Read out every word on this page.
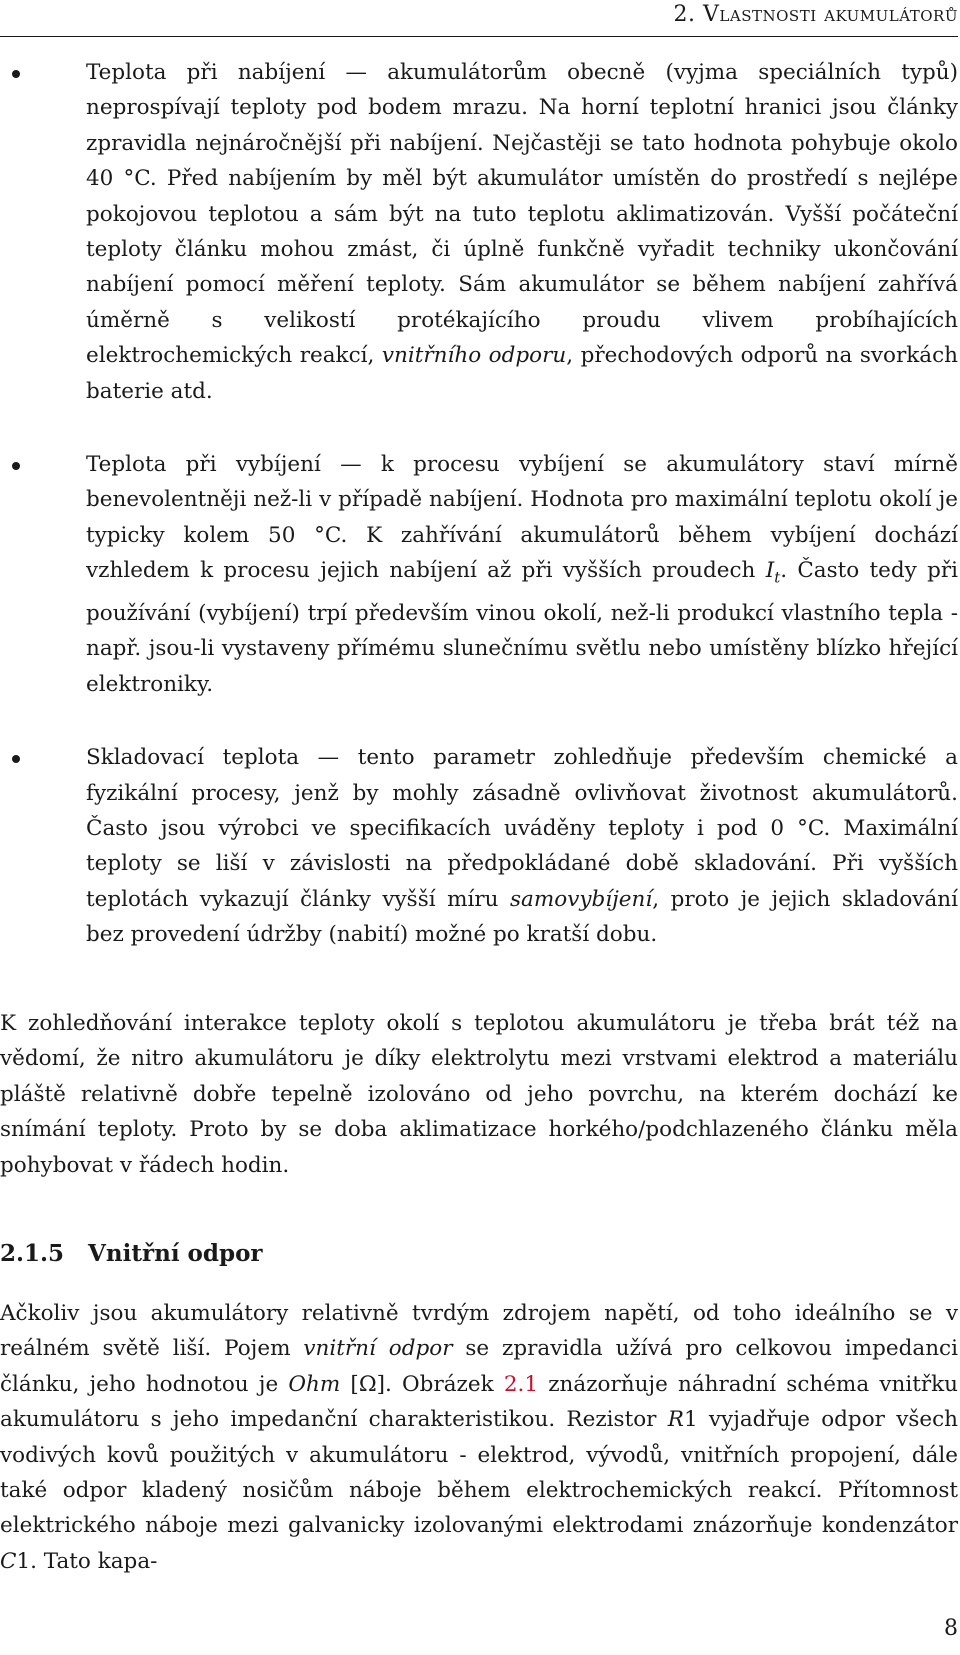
2. Vlastnosti akumulátorů
Teplota při nabíjení — akumulátorům obecně (vyjma speciálních typů) neprospívají teploty pod bodem mrazu. Na horní teplotní hranici jsou články zpravidla nejnáročnější při nabíjení. Nejčastěji se tato hodnota pohybuje okolo 40 °C. Před nabíjením by měl být akumulátor umístěn do prostředí s nejlépe pokojovou teplotou a sám být na tuto teplotu aklimatizován. Vyšší počáteční teploty článku mohou zmást, či úplně funkčně vyřadit techniky ukončování nabíjení pomocí měření teploty. Sám akumulátor se během nabíjení zahřívá úměrně s velikostí protékajícího proudu vlivem probíhajících elektrochemických reakcí, vnitřního odporu, přechodových odporů na svorkách baterie atd.
Teplota při vybíjení — k procesu vybíjení se akumulátory staví mírně benevolentněji než-li v případě nabíjení. Hodnota pro maximální teplotu okolí je typicky kolem 50 °C. K zahřívání akumulátorů během vybíjení dochází vzhledem k procesu jejich nabíjení až při vyšších proudech $I_t$. Často tedy při používání (vybíjení) trpí především vinou okolí, než-li produkcí vlastního tepla - např. jsou-li vystaveny přímému slunečnímu světlu nebo umístěny blízko hřející elektroniky.
Skladovací teplota — tento parametr zohledňuje především chemické a fyzikální procesy, jenž by mohly zásadně ovlivňovat životnost akumulátorů. Často jsou výrobci ve specifikacích uváděny teploty i pod 0 °C. Maximální teploty se liší v závislosti na předpokládané době skladování. Při vyšších teplotách vykazují články vyšší míru samovybíjení, proto je jejich skladování bez provedení údržby (nabití) možné po kratší dobu.
K zohledňování interakce teploty okolí s teplotou akumulátoru je třeba brát též na vědomí, že nitro akumulátoru je díky elektrolytu mezi vrstvami elektrod a materiálu pláště relativně dobře tepelně izolováno od jeho povrchu, na kterém dochází ke snímání teploty. Proto by se doba aklimatizace horkého/podchlazeného článku měla pohybovat v řádech hodin.
2.1.5 Vnitřní odpor
Ačkoliv jsou akumulátory relativně tvrdým zdrojem napětí, od toho ideálního se v reálném světě liší. Pojem vnitřní odpor se zpravidla užívá pro celkovou impedanci článku, jeho hodnotou je Ohm [Ω]. Obrázek 2.1 znázorňuje náhradní schéma vnitřku akumulátoru s jeho impedanční charakteristikou. Rezistor R1 vyjadřuje odpor všech vodivých kovů použitých v akumulátoru - elektrod, vývodů, vnitřních propojení, dále také odpor kladený nosičům náboje během elektrochemických reakcí. Přítomnost elektrického náboje mezi galvanicky izolovanými elektrodami znázorňuje kondenzátor C1. Tato kapa-
8
